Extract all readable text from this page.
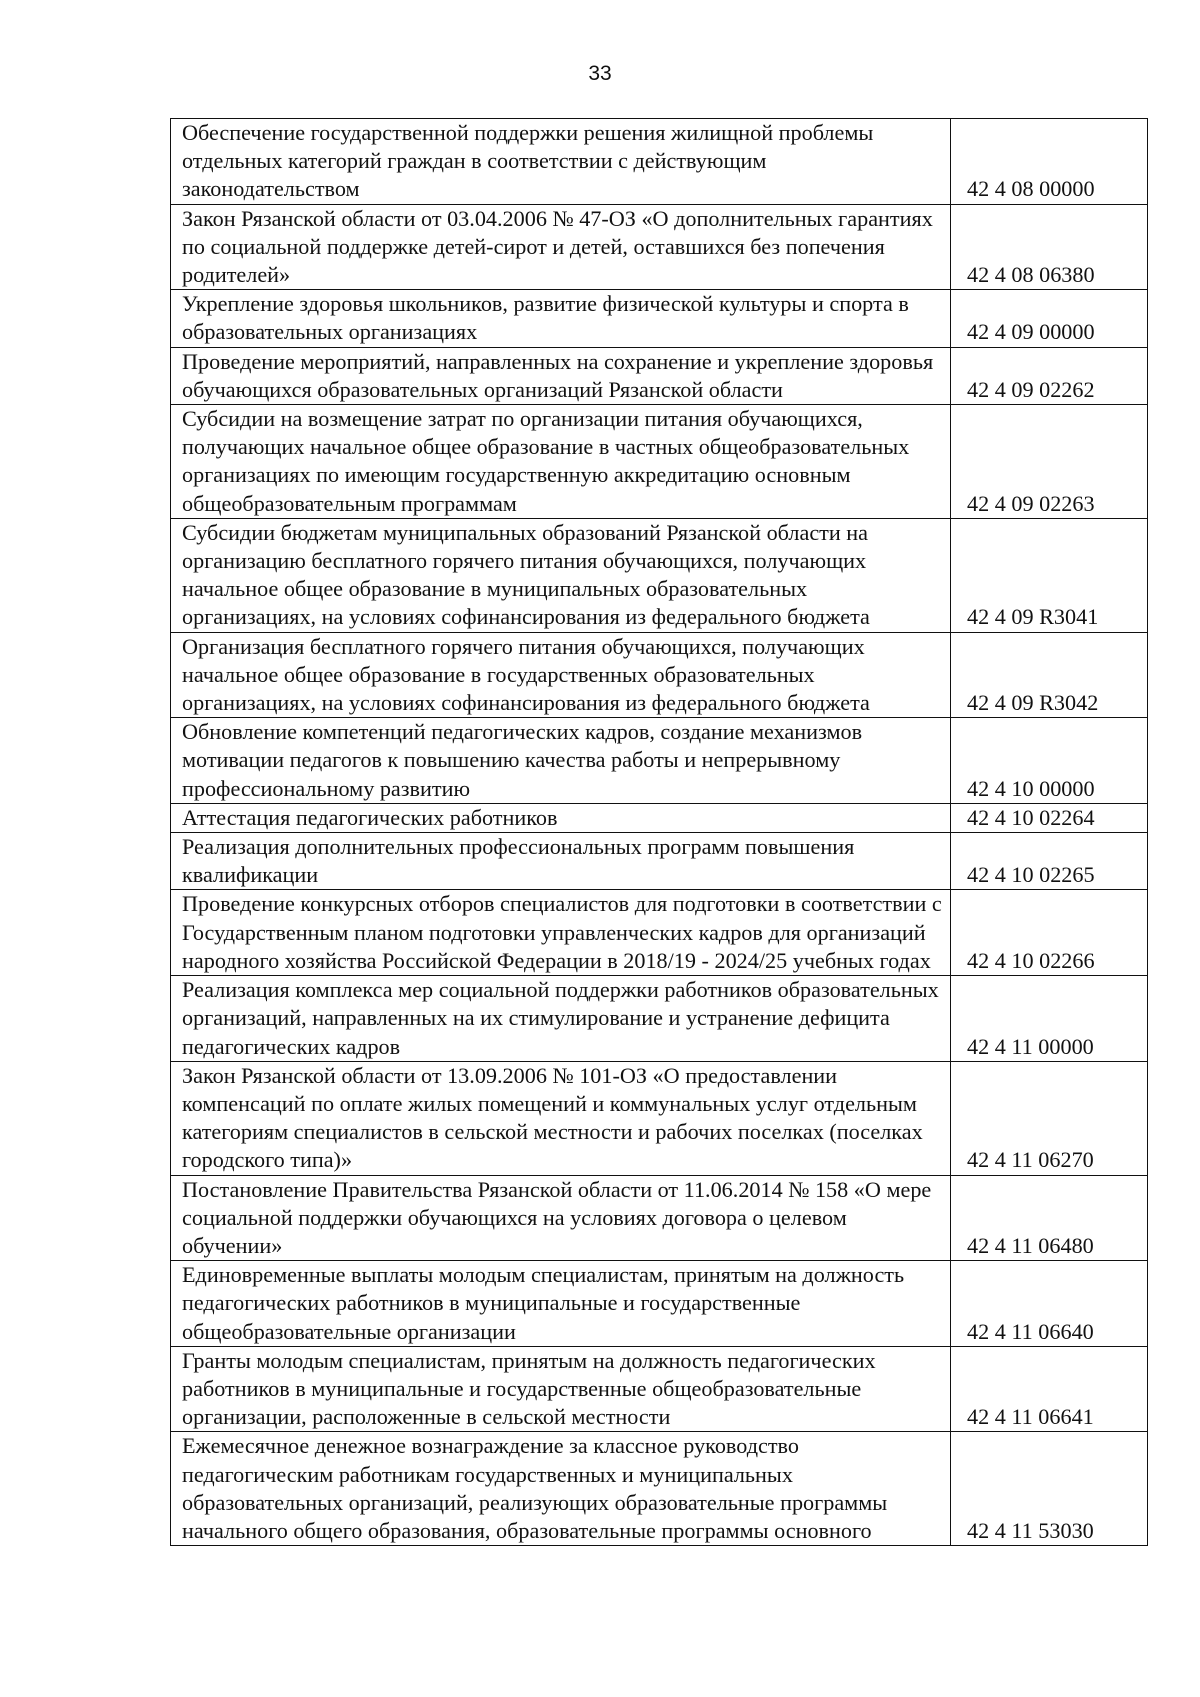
33
Обеспечение государственной поддержки решения жилищной проблемы отдельных категорий граждан в соответствии с действующим законодательством	42 4 08 00000
Закон Рязанской области от 03.04.2006 № 47-ОЗ «О дополнительных гарантиях по социальной поддержке детей-сирот и детей, оставшихся без попечения родителей»	42 4 08 06380
Укрепление здоровья школьников, развитие физической культуры и спорта в образовательных организациях	42 4 09 00000
Проведение мероприятий, направленных на сохранение и укрепление здоровья обучающихся образовательных организаций Рязанской области	42 4 09 02262
Субсидии на возмещение затрат по организации питания обучающихся, получающих начальное общее образование в частных общеобразовательных организациях по имеющим государственную аккредитацию основным общеобразовательным программам	42 4 09 02263
Субсидии бюджетам муниципальных образований Рязанской области на организацию бесплатного горячего питания обучающихся, получающих начальное общее образование в муниципальных образовательных организациях, на условиях софинансирования из федерального бюджета	42 4 09 R3041
Организация бесплатного горячего питания обучающихся, получающих начальное общее образование в государственных образовательных организациях, на условиях софинансирования из федерального бюджета	42 4 09 R3042
Обновление компетенций педагогических кадров, создание механизмов мотивации педагогов к повышению качества работы и непрерывному профессиональному развитию	42 4 10 00000
Аттестация педагогических работников	42 4 10 02264
Реализация дополнительных профессиональных программ повышения квалификации	42 4 10 02265
Проведение конкурсных отборов специалистов для подготовки в соответствии с Государственным планом подготовки управленческих кадров для организаций народного хозяйства Российской Федерации в 2018/19 - 2024/25 учебных годах	42 4 10 02266
Реализация комплекса мер социальной поддержки работников образовательных организаций, направленных на их стимулирование и устранение дефицита педагогических кадров	42 4 11 00000
Закон Рязанской области от 13.09.2006 № 101-ОЗ «О предоставлении компенсаций по оплате жилых помещений и коммунальных услуг отдельным категориям специалистов в сельской местности и рабочих поселках (поселках городского типа)»	42 4 11 06270
Постановление Правительства Рязанской области от 11.06.2014 № 158 «О мере социальной поддержки обучающихся на условиях договора о целевом обучении»	42 4 11 06480
Единовременные выплаты молодым специалистам, принятым на должность педагогических работников в муниципальные и государственные общеобразовательные организации	42 4 11 06640
Гранты молодым специалистам, принятым на должность педагогических работников в муниципальные и государственные общеобразовательные организации, расположенные в сельской местности	42 4 11 06641
Ежемесячное денежное вознаграждение за классное руководство педагогическим работникам государственных и муниципальных образовательных организаций, реализующих образовательные программы начального общего образования, образовательные программы основного	42 4 11 53030
